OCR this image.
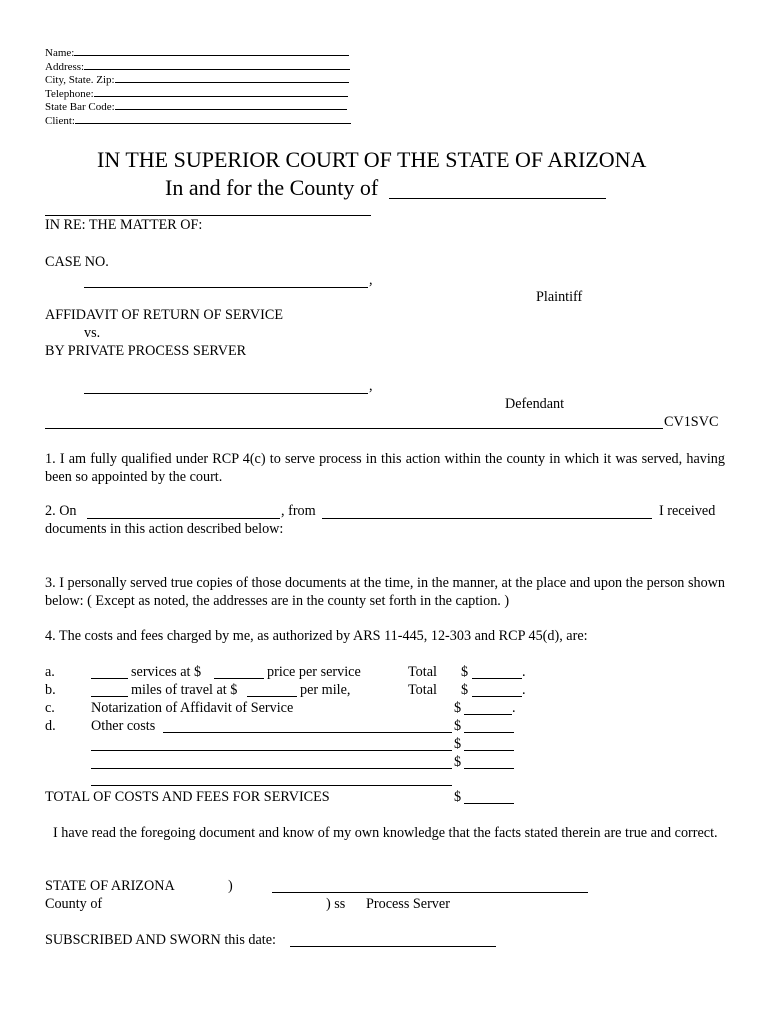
Name:
Address:
City, State. Zip:
Telephone:
State Bar Code:
Client:
IN THE SUPERIOR COURT OF THE STATE OF ARIZONA
In and for the County of
IN RE: THE MATTER OF:
CASE NO.
,
Plaintiff
AFFIDAVIT OF RETURN OF SERVICE
vs.
BY PRIVATE PROCESS SERVER
,
Defendant
CV1SVC
1. I am fully qualified under RCP 4(c) to serve process in this action within the county in which it was served, having been so appointed by the court.
2. On	, from	I received
documents in this action described below:
3. I personally served true copies of those documents at the time, in the manner, at the place and upon the person shown below: ( Except as noted, the addresses are in the county set forth in the caption. )
4. The costs and fees charged by me, as authorized by ARS 11-445, 12-303 and RCP 45(d), are:
a.	services at $	price per service	Total $	.
b.	miles of travel at $	per mile,	Total $	.
c.	Notarization of Affidavit of Service	$	.
d. Other costs	$
$
$
TOTAL OF COSTS AND FEES FOR SERVICES	$
I have read the foregoing document and know of my own knowledge that the facts stated therein are true and correct.
STATE OF ARIZONA	)
County of	) ss Process Server
SUBSCRIBED AND SWORN this date:
